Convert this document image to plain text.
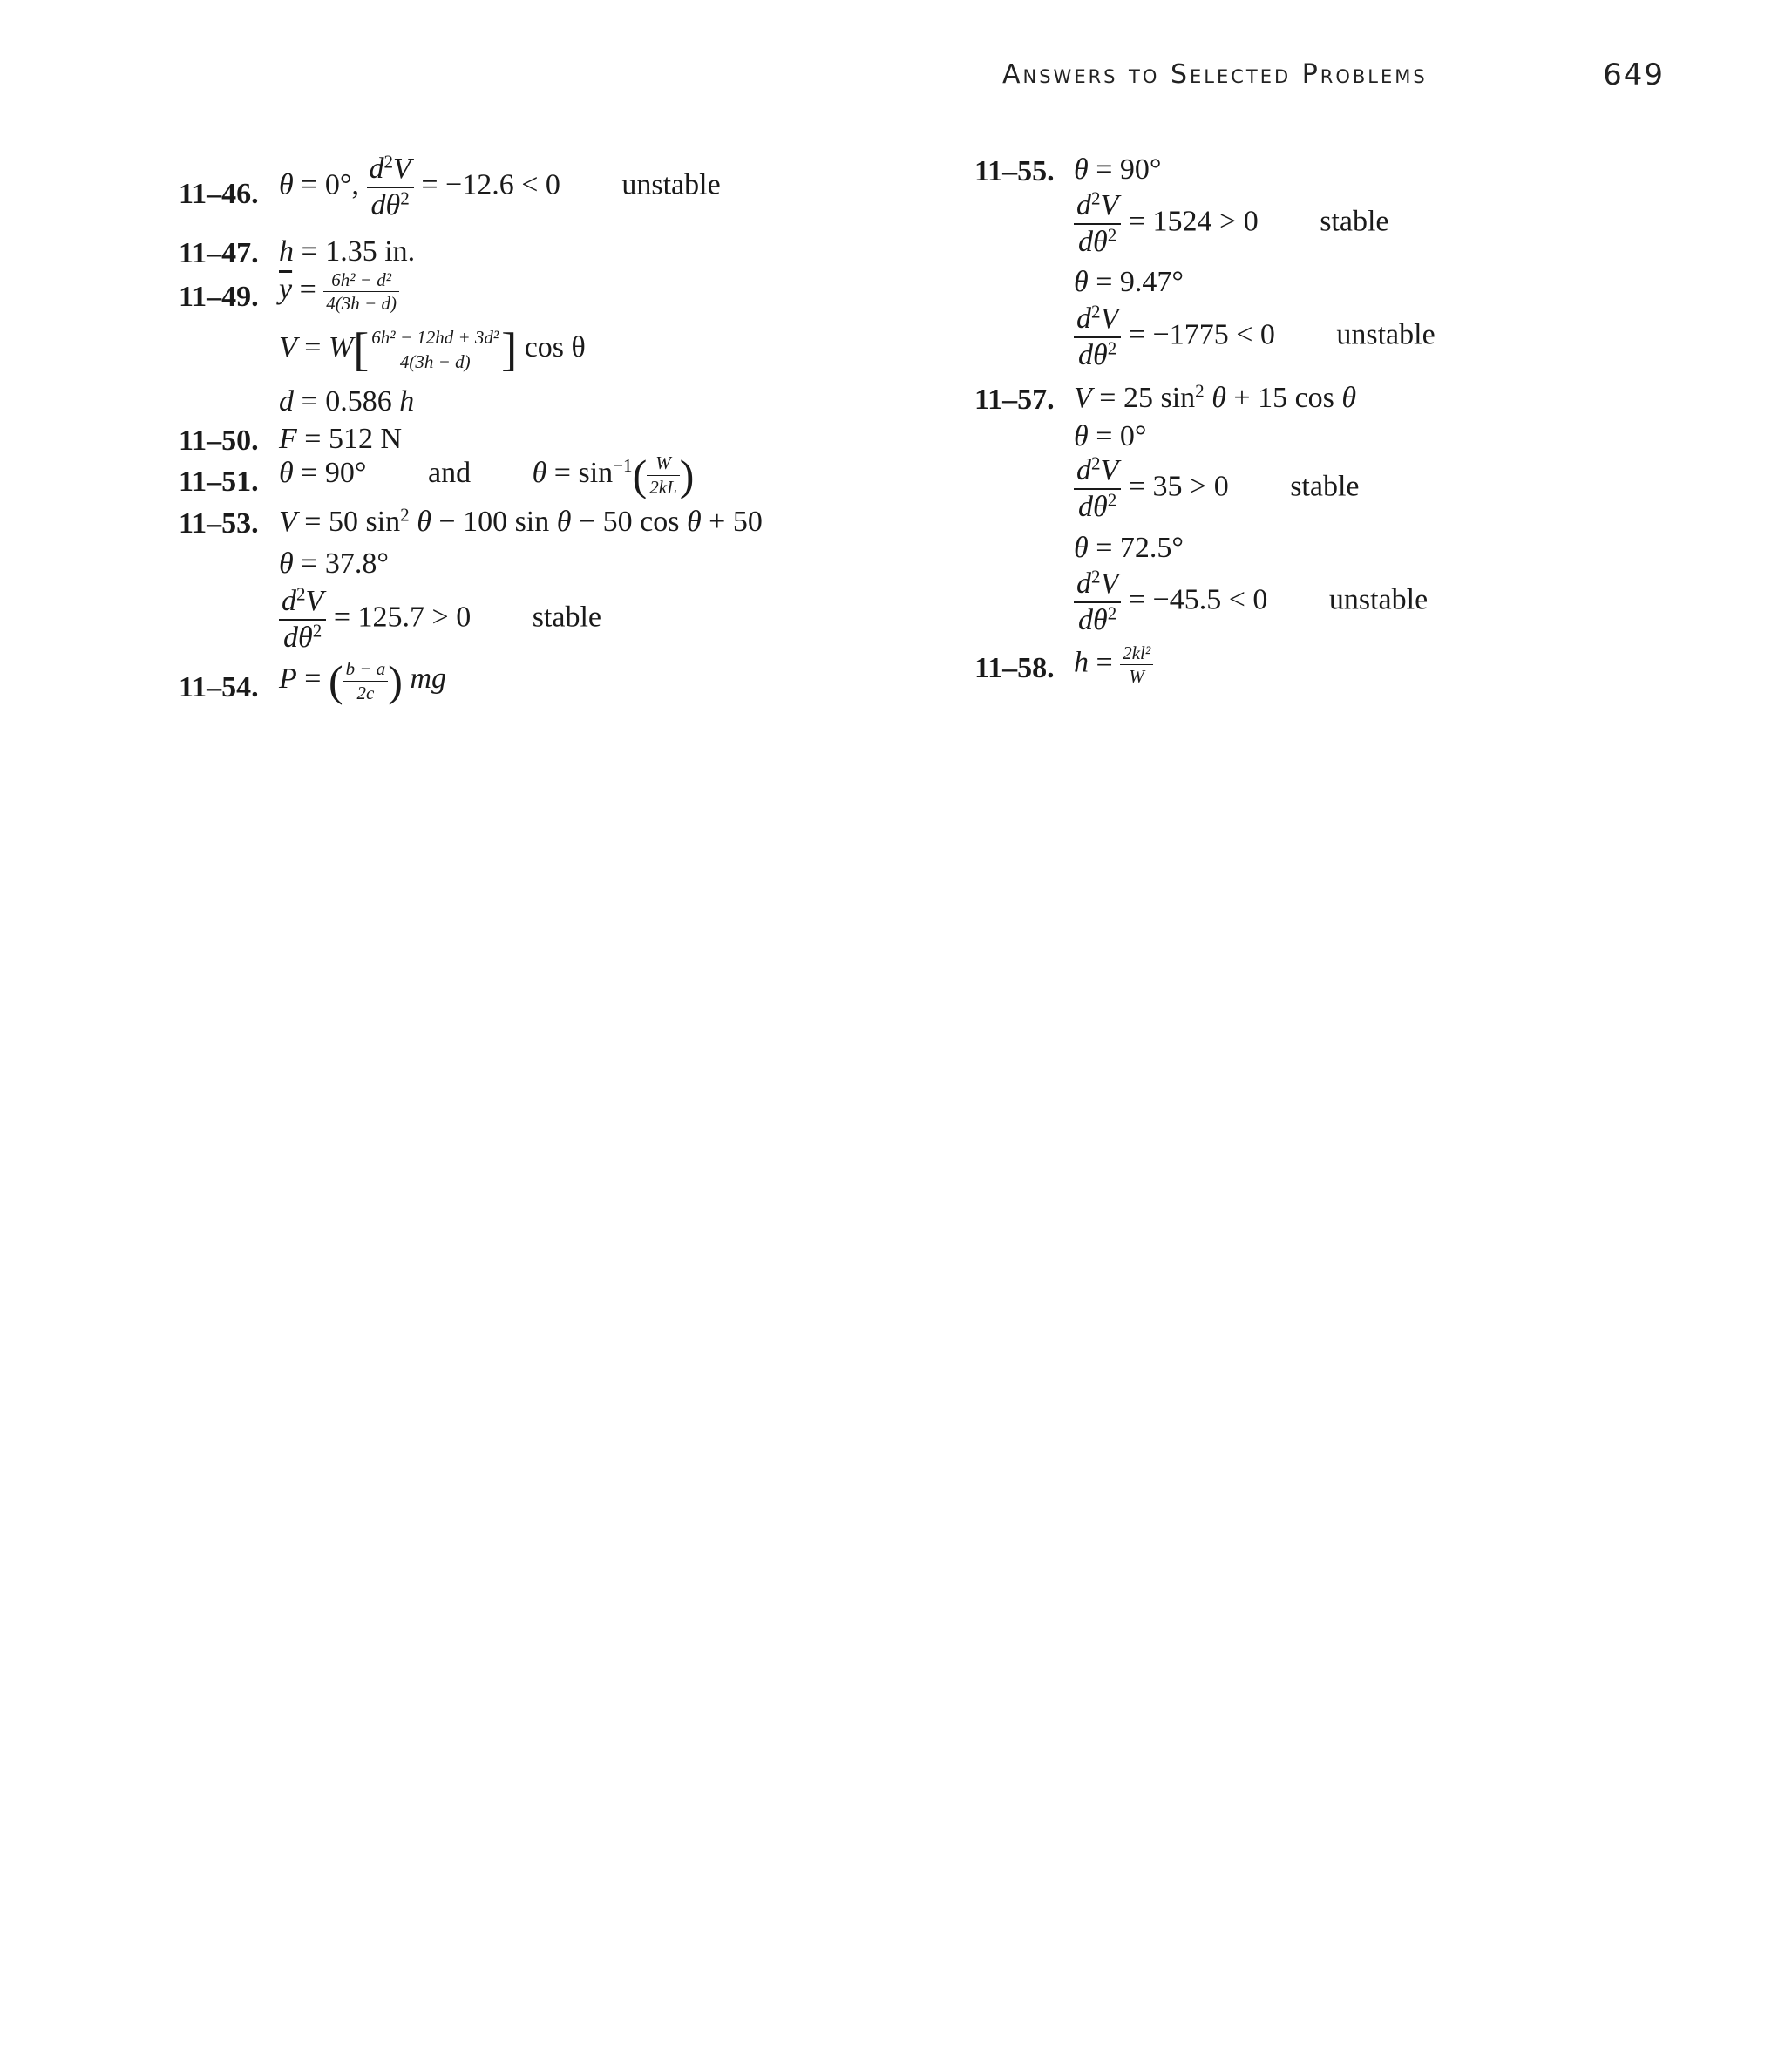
Answers to Selected Problems	649
11–46. θ = 0°, $\frac{d^2V}{d\theta^2} = -12.6 < 0$ unstable
11–47. h = 1.35 in.
11–49. $\overline{y} = \frac{\text{6h² − d²}}{4(3h - d)}$
$V = W[ \frac{\text{6h² − 12hd + 3d²}}{4(3h - d)}$ ] cos θ
d = 0.586 h
11–50. F = 512 N
11–51. θ = 90° and $\theta = \sin^{-1}( \frac{W}{2kL}$ )
11–53. V = 50 $\sin^2 \theta - 100$ sin θ − 50 cos θ + 50
θ = 37.8°
$\frac{d^2V}{d\theta^2} = 125.7 > 0$ stable
11–54. P = ( $\frac{b - a}{2c}$ ) mg
11–55. θ = 90°
$\frac{d^2V}{d\theta^2} = 1524 > 0$ stable
θ = 9.47°
$\frac{d^2V}{d\theta^2} = -1775 < 0$ unstable
11–57. V = 25 $\sin^2 \theta + 15$ cos θ
θ = 0°
$\frac{d^2V}{d\theta^2} = 35 > 0$ stable
θ = 72.5°
$\frac{d^2V}{d\theta^2} = -45.5 < 0$ unstable
11–58. $h = \frac{\text{2kl²}}{W}$
